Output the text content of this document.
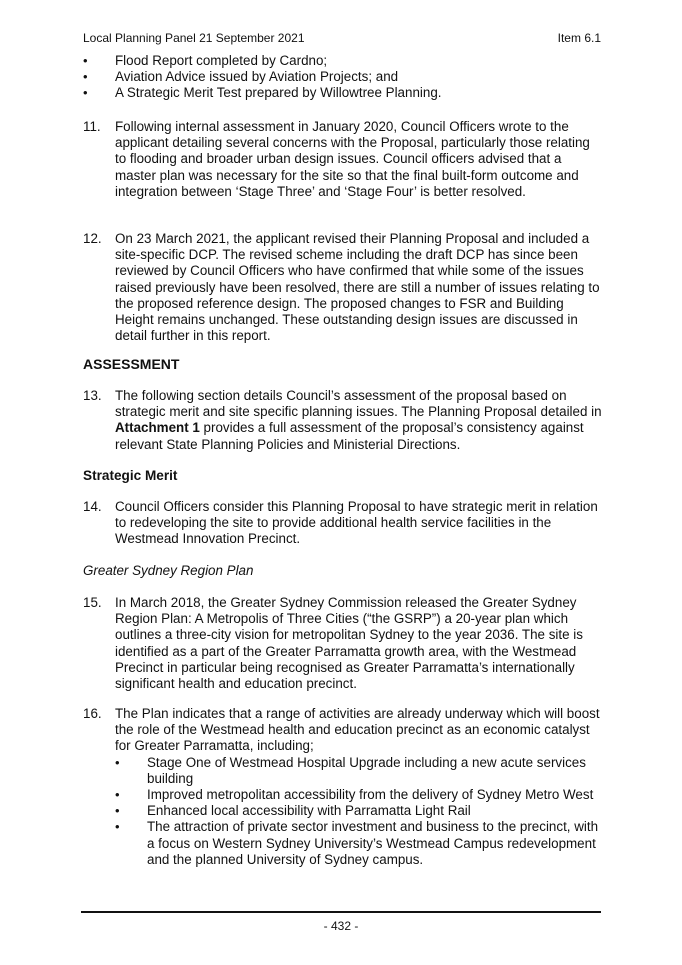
Local Planning Panel 21 September 2021	Item 6.1
• Flood Report completed by Cardno;
• Aviation Advice issued by Aviation Projects; and
• A Strategic Merit Test prepared by Willowtree Planning.
11. Following internal assessment in January 2020, Council Officers wrote to the applicant detailing several concerns with the Proposal, particularly those relating to flooding and broader urban design issues. Council officers advised that a master plan was necessary for the site so that the final built-form outcome and integration between ‘Stage Three’ and ‘Stage Four’ is better resolved.
12. On 23 March 2021, the applicant revised their Planning Proposal and included a site-specific DCP. The revised scheme including the draft DCP has since been reviewed by Council Officers who have confirmed that while some of the issues raised previously have been resolved, there are still a number of issues relating to the proposed reference design. The proposed changes to FSR and Building Height remains unchanged. These outstanding design issues are discussed in detail further in this report.
ASSESSMENT
13. The following section details Council’s assessment of the proposal based on strategic merit and site specific planning issues. The Planning Proposal detailed in Attachment 1 provides a full assessment of the proposal’s consistency against relevant State Planning Policies and Ministerial Directions.
Strategic Merit
14. Council Officers consider this Planning Proposal to have strategic merit in relation to redeveloping the site to provide additional health service facilities in the Westmead Innovation Precinct.
Greater Sydney Region Plan
15. In March 2018, the Greater Sydney Commission released the Greater Sydney Region Plan: A Metropolis of Three Cities (“the GSRP”) a 20-year plan which outlines a three-city vision for metropolitan Sydney to the year 2036. The site is identified as a part of the Greater Parramatta growth area, with the Westmead Precinct in particular being recognised as Greater Parramatta’s internationally significant health and education precinct.
16. The Plan indicates that a range of activities are already underway which will boost the role of the Westmead health and education precinct as an economic catalyst for Greater Parramatta, including;
• Stage One of Westmead Hospital Upgrade including a new acute services building
• Improved metropolitan accessibility from the delivery of Sydney Metro West
• Enhanced local accessibility with Parramatta Light Rail
• The attraction of private sector investment and business to the precinct, with a focus on Western Sydney University’s Westmead Campus redevelopment and the planned University of Sydney campus.
- 432 -
